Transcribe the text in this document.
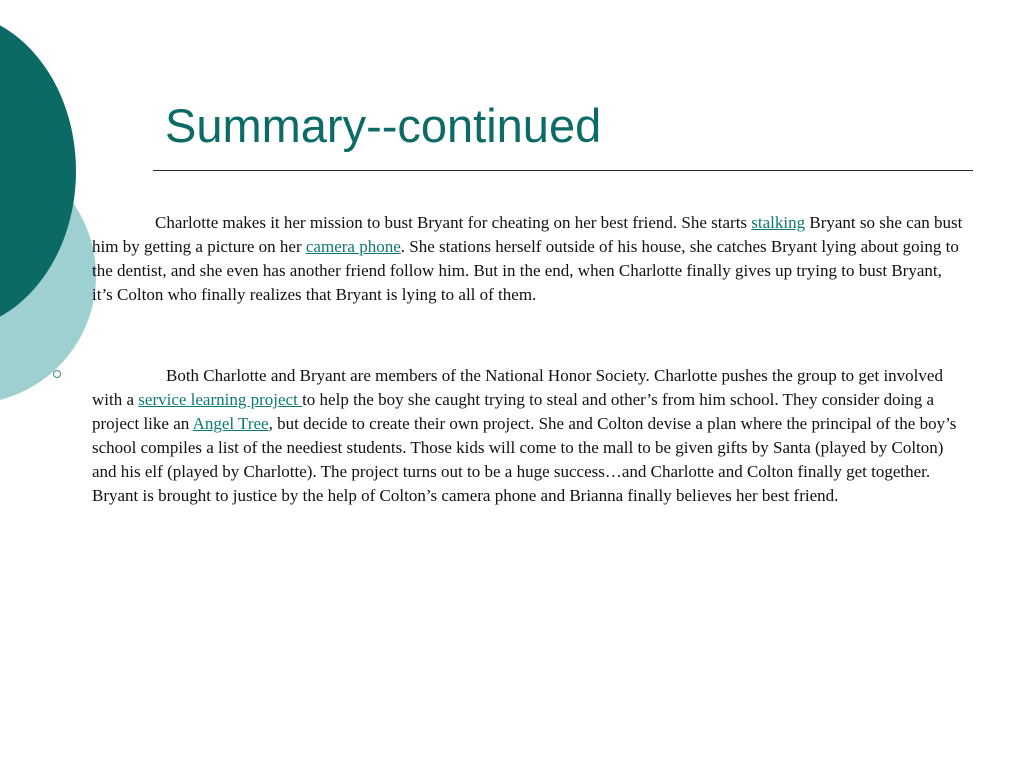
Summary--continued

Charlotte makes it her mission to bust Bryant for cheating on her best friend. She starts stalking Bryant so she can bust him by getting a picture on her camera phone. She stations herself outside of his house, she catches Bryant lying about going to the dentist, and she even has another friend follow him. But in the end, when Charlotte finally gives up trying to bust Bryant, it’s Colton who finally realizes that Bryant is lying to all of them.

Both Charlotte and Bryant are members of the National Honor Society. Charlotte pushes the group to get involved with a service learning project to help the boy she caught trying to steal and other’s from him school. They consider doing a project like an Angel Tree, but decide to create their own project. She and Colton devise a plan where the principal of the boy’s school compiles a list of the neediest students. Those kids will come to the mall to be given gifts by Santa (played by Colton) and his elf (played by Charlotte). The project turns out to be a huge success…and Charlotte and Colton finally get together. Bryant is brought to justice by the help of Colton’s camera phone and Brianna finally believes her best friend.
